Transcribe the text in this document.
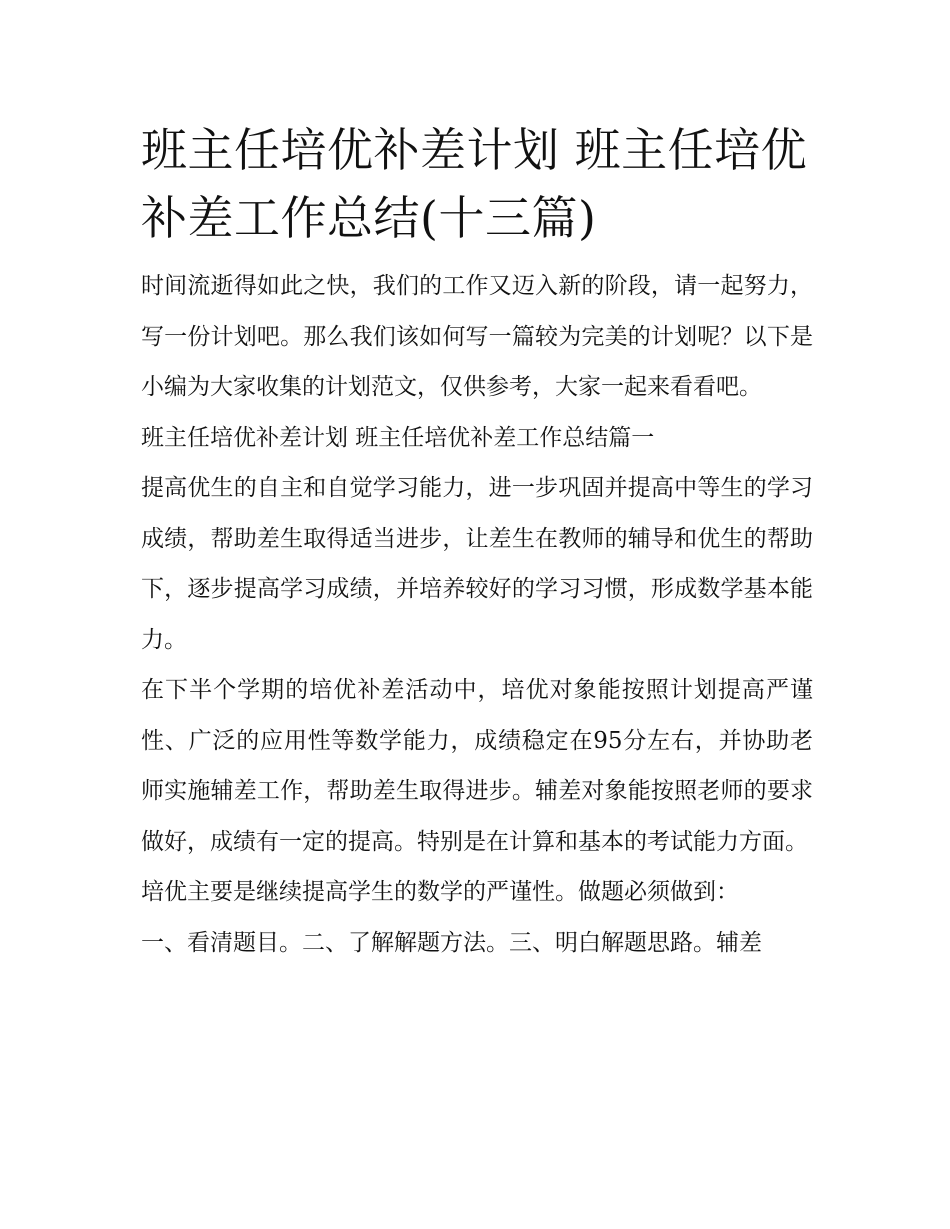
班主任培优补差计划 班主任培优补差工作总结(十三篇)

时间流逝得如此之快，我们的工作又迈入新的阶段，请一起努力，写一份计划吧。那么我们该如何写一篇较为完美的计划呢？以下是小编为大家收集的计划范文，仅供参考，大家一起来看看吧。

班主任培优补差计划 班主任培优补差工作总结篇一

提高优生的自主和自觉学习能力，进一步巩固并提高中等生的学习成绩，帮助差生取得适当进步，让差生在教师的辅导和优生的帮助下，逐步提高学习成绩，并培养较好的学习习惯，形成数学基本能力。

在下半个学期的培优补差活动中，培优对象能按照计划提高严谨性、广泛的应用性等数学能力，成绩稳定在95分左右，并协助老师实施辅差工作，帮助差生取得进步。辅差对象能按照老师的要求做好，成绩有一定的提高。特别是在计算和基本的考试能力方面。

培优主要是继续提高学生的数学的严谨性。做题必须做到：

一、看清题目。二、了解解题方法。三、明白解题思路。辅差
